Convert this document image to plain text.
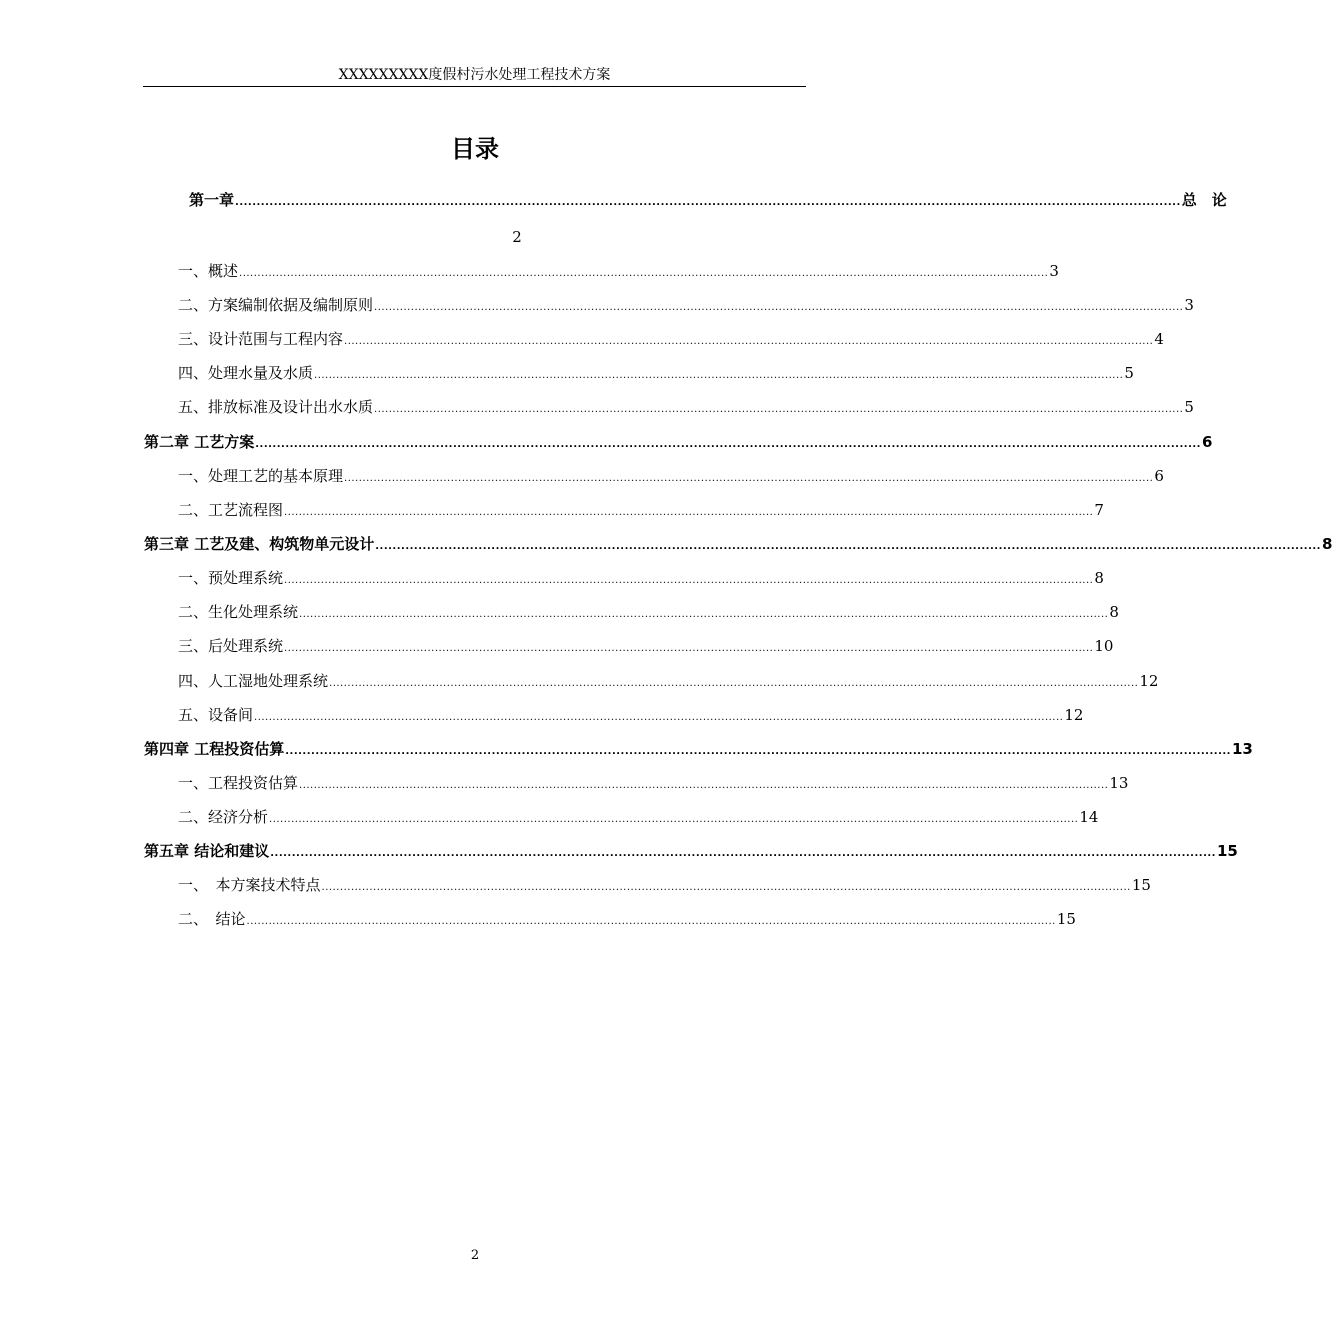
XXXXXXXXX度假村污水处理工程技术方案
目录
第一章 ............................................................................................................................................................................................................................ 总　论
2
一、概述 ............................................................................................................................................................................................................................ 3
二、方案编制依据及编制原则 ............................................................................................................................................................................................................................ 3
三、设计范围与工程内容 ............................................................................................................................................................................................................................ 4
四、处理水量及水质 ............................................................................................................................................................................................................................ 5
五、排放标准及设计出水水质 ............................................................................................................................................................................................................................ 5
第二章 工艺方案 ............................................................................................................................................................................................................................ 6
一、处理工艺的基本原理 ............................................................................................................................................................................................................................ 6
二、工艺流程图 ............................................................................................................................................................................................................................ 7
第三章 工艺及建、构筑物单元设计 ............................................................................................................................................................................................................................ 8
一、预处理系统 ............................................................................................................................................................................................................................ 8
二、生化处理系统 ............................................................................................................................................................................................................................ 8
三、后处理系统 ............................................................................................................................................................................................................................ 10
四、人工湿地处理系统 ............................................................................................................................................................................................................................ 12
五、设备间 ............................................................................................................................................................................................................................ 12
第四章 工程投资估算 ............................................................................................................................................................................................................................ 13
一、工程投资估算 ............................................................................................................................................................................................................................ 13
二、经济分析 ............................................................................................................................................................................................................................ 14
第五章 结论和建议 ............................................................................................................................................................................................................................ 15
一、　本方案技术特点 ............................................................................................................................................................................................................................ 15
二、　结论 ............................................................................................................................................................................................................................ 15
2
